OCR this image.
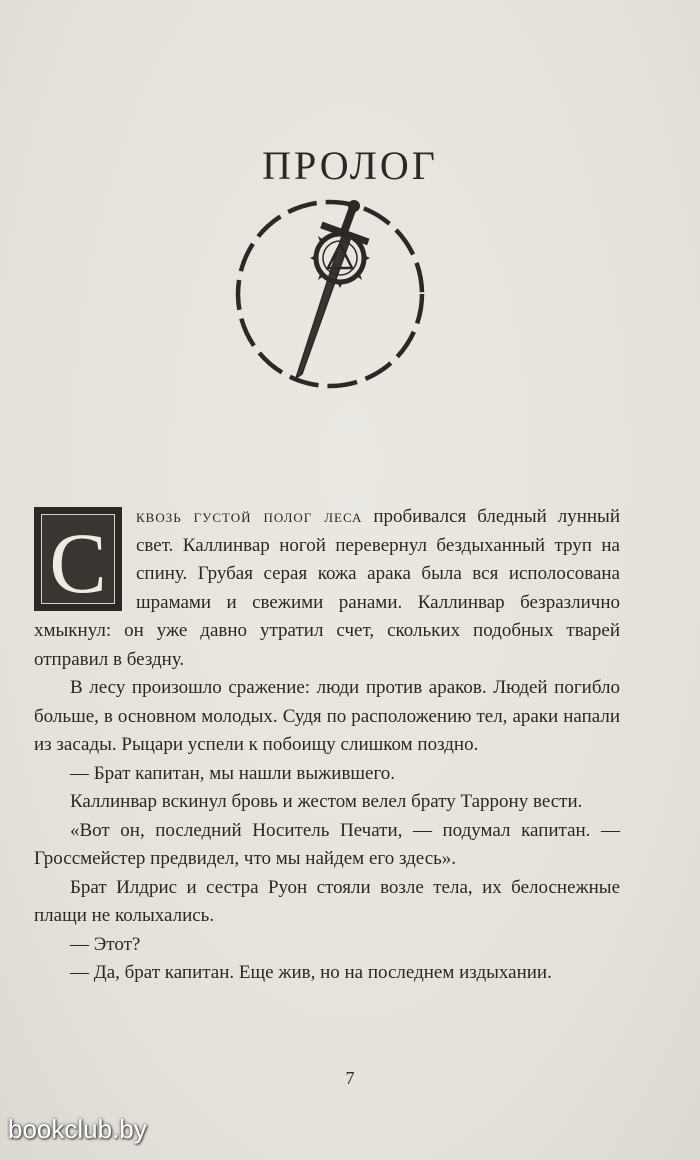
ПРОЛОГ
С	квозь густой полог леса пробивался бледный лунный свет. Каллинвар ногой перевернул бездыханный труп на спину. Грубая серая кожа арака была вся исполосована шрамами и свежими ранами. Каллинвар безразлично хмыкнул: он уже давно утратил счет, скольких подобных тварей отправил в бездну.

В лесу произошло сражение: люди против араков. Людей погибло больше, в основном молодых. Судя по расположению тел, араки напали из засады. Рыцари успели к побоищу слишком поздно.

— Брат капитан, мы нашли выжившего.

Каллинвар вскинул бровь и жестом велел брату Таррону вести.

«Вот он, последний Носитель Печати, — подумал капитан. — Гроссмейстер предвидел, что мы найдем его здесь».

Брат Илдрис и сестра Руон стояли возле тела, их белоснежные плащи не колыхались.

— Этот?

— Да, брат капитан. Еще жив, но на последнем издыхании.

7
bookclub.by
